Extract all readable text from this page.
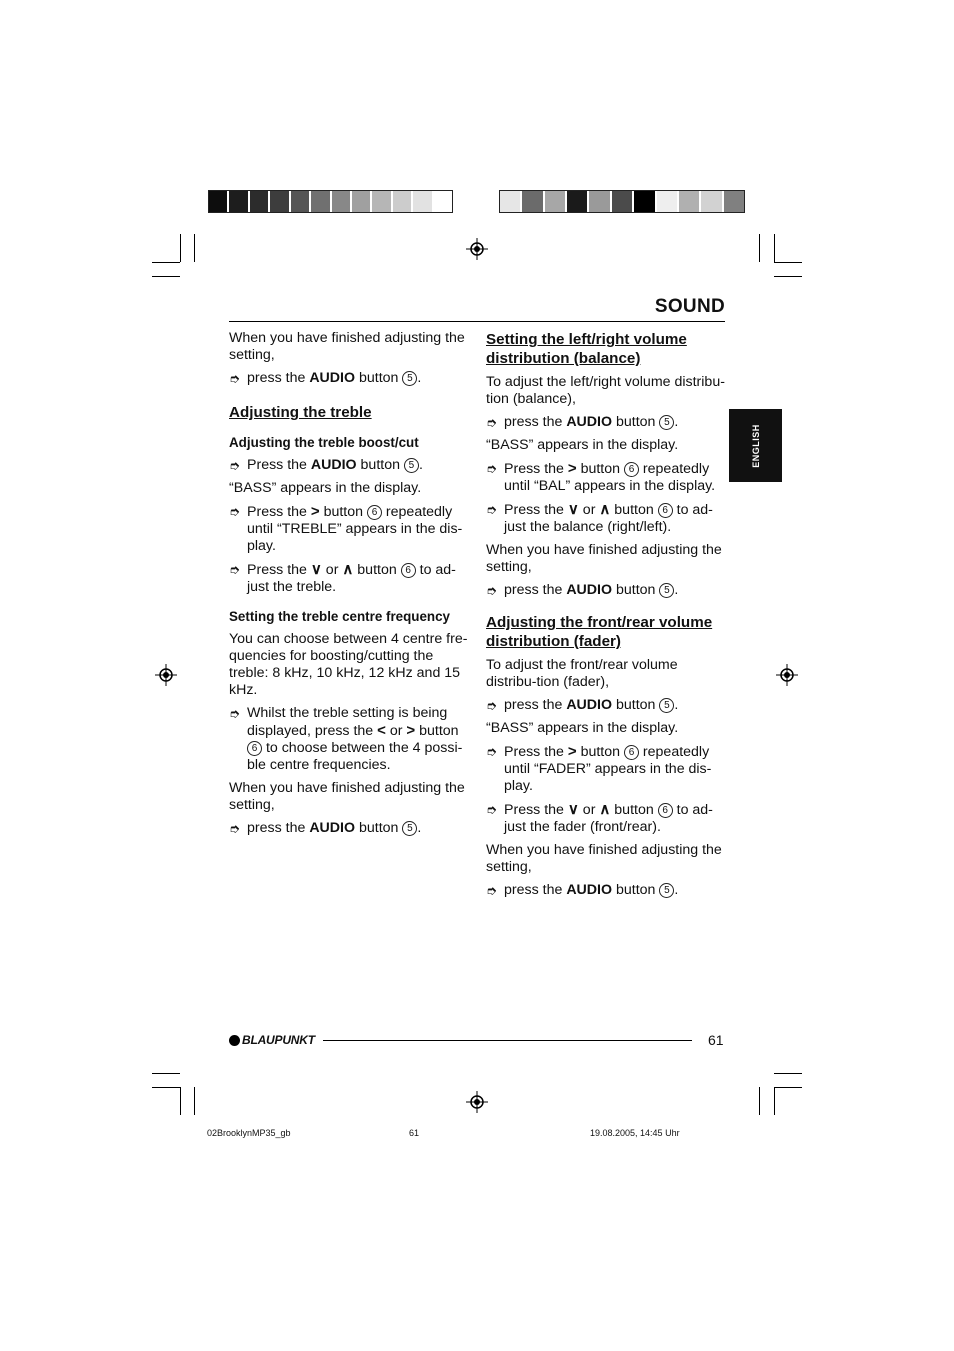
SOUND
ENGLISH

When you have finished adjusting the setting,

➮ press the AUDIO button 5 .
Adjusting the treble
Adjusting the treble boost/cut
➮ Press the AUDIO button 5 .

“BASS” appears in the display.

➮ Press the > button 6 repeatedly until “TREBLE” appears in the dis-play.
➮ Press the ∨ or ∧ button 6 to ad-just the treble.
Setting the treble centre frequency

You can choose between 4 centre fre-quencies for boosting/cutting the treble: 8 kHz, 10 kHz, 12 kHz and 15 kHz.

➮ Whilst the treble setting is being displayed, press the < or > button 6 to choose between the 4 possi-ble centre frequencies.

When you have finished adjusting the setting,

➮ press the AUDIO button 5 .
Setting the left/right volume distribution (balance)

To adjust the left/right volume distribu-tion (balance),

➮ press the AUDIO button 5 .

“BASS” appears in the display.

➮ Press the > button 6 repeatedly until “BAL” appears in the display.
➮ Press the ∨ or ∧ button 6 to ad-just the balance (right/left).

When you have finished adjusting the setting,

➮ press the AUDIO button 5 .
Adjusting the front/rear volume distribution (fader)

To adjust the front/rear volume distribu-tion (fader),

➮ press the AUDIO button 5 .

“BASS” appears in the display.

➮ Press the > button 6 repeatedly until “FADER” appears in the dis-play.
➮ Press the ∨ or ∧ button 6 to ad-just the fader (front/rear).

When you have finished adjusting the setting,

➮ press the AUDIO button 5 .
BLAUPUNKT	61
02BrooklynMP35_gb	61	19.08.2005, 14:45 Uhr
